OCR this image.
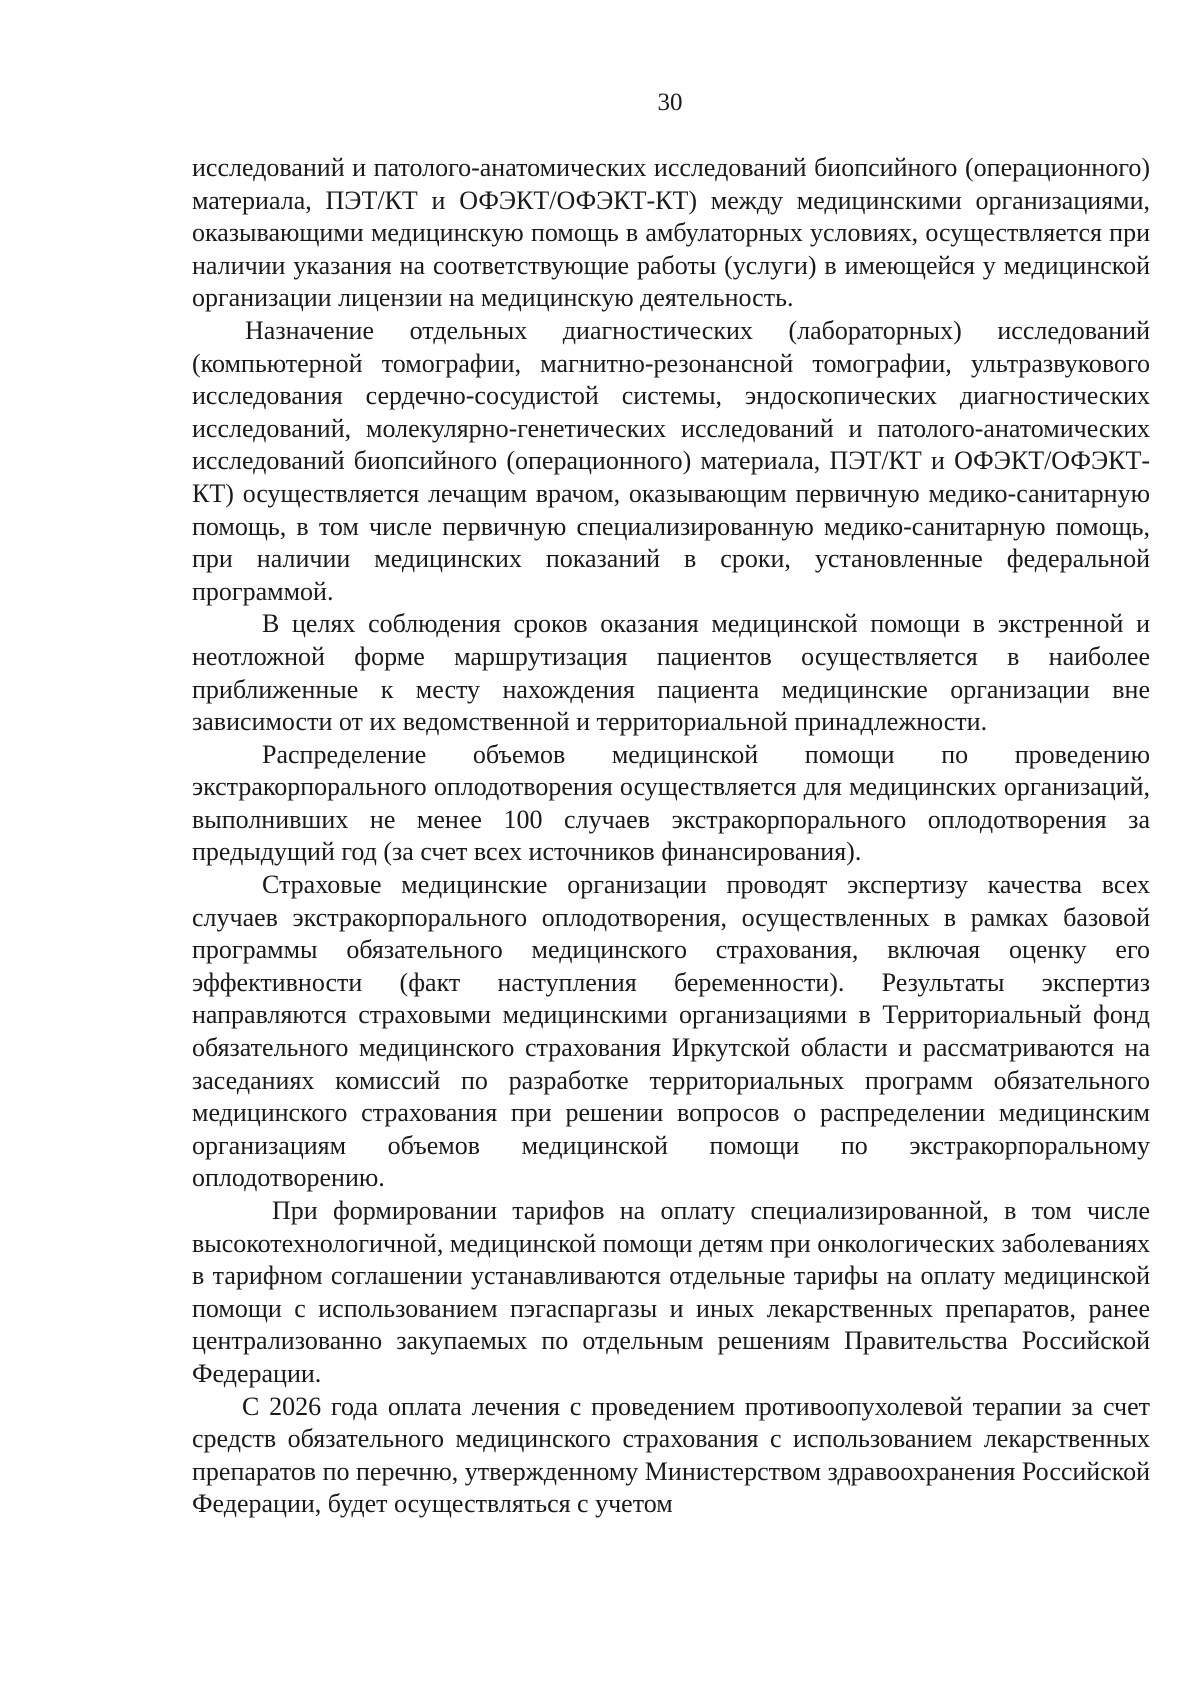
30

исследований и патолого-анатомических исследований биопсийного (операционного) материала, ПЭТ/КТ и ОФЭКТ/ОФЭКТ-КТ) между медицинскими организациями, оказывающими медицинскую помощь в амбулаторных условиях, осуществляется при наличии указания на соответствующие работы (услуги) в имеющейся у медицинской организации лицензии на медицинскую деятельность.

Назначение отдельных диагностических (лабораторных) исследований (компьютерной томографии, магнитно-резонансной томографии, ультразвукового исследования сердечно-сосудистой системы, эндоскопических диагностических исследований, молекулярно-генетических исследований и патолого-анатомических исследований биопсийного (операционного) материала, ПЭТ/КТ и ОФЭКТ/ОФЭКТ-КТ) осуществляется лечащим врачом, оказывающим первичную медико-санитарную помощь, в том числе первичную специализированную медико-санитарную помощь, при наличии медицинских показаний в сроки, установленные федеральной программой.

В целях соблюдения сроков оказания медицинской помощи в экстренной и неотложной форме маршрутизация пациентов осуществляется в наиболее приближенные к месту нахождения пациента медицинские организации вне зависимости от их ведомственной и территориальной принадлежности.

Распределение объемов медицинской помощи по проведению экстракорпорального оплодотворения осуществляется для медицинских организаций, выполнивших не менее 100 случаев экстракорпорального оплодотворения за предыдущий год (за счет всех источников финансирования).

Страховые медицинские организации проводят экспертизу качества всех случаев экстракорпорального оплодотворения, осуществленных в рамках базовой программы обязательного медицинского страхования, включая оценку его эффективности (факт наступления беременности). Результаты экспертиз направляются страховыми медицинскими организациями в Территориальный фонд обязательного медицинского страхования Иркутской области и рассматриваются на заседаниях комиссий по разработке территориальных программ обязательного медицинского страхования при решении вопросов о распределении медицинским организациям объемов медицинской помощи по экстракорпоральному оплодотворению.

При формировании тарифов на оплату специализированной, в том числе высокотехнологичной, медицинской помощи детям при онкологических заболеваниях в тарифном соглашении устанавливаются отдельные тарифы на оплату медицинской помощи с использованием пэгаспаргазы и иных лекарственных препаратов, ранее централизованно закупаемых по отдельным решениям Правительства Российской Федерации.

С 2026 года оплата лечения с проведением противоопухолевой терапии за счет средств обязательного медицинского страхования с использованием лекарственных препаратов по перечню, утвержденному Министерством здравоохранения Российской Федерации, будет осуществляться с учетом
